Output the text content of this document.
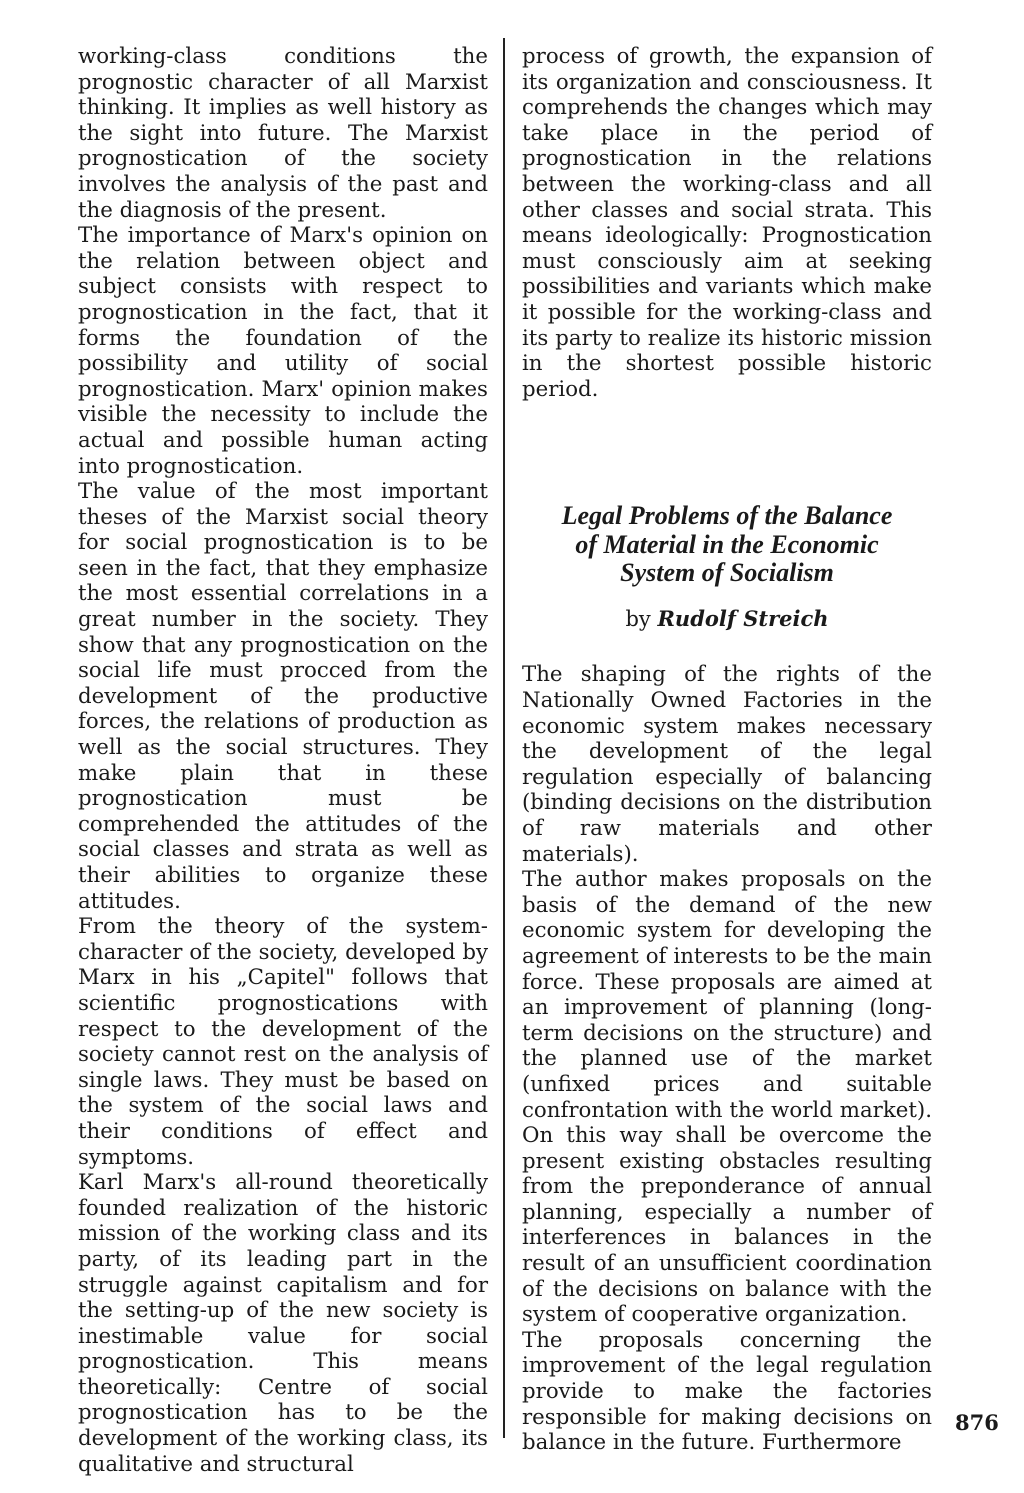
working-class conditions the prognostic character of all Marxist thinking. It implies as well history as the sight into future. The Marxist prognostication of the society involves the analysis of the past and the diagnosis of the present.

The importance of Marx's opinion on the relation between object and subject consists with respect to prognostication in the fact, that it forms the foundation of the possibility and utility of social prognostication. Marx' opinion makes visible the necessity to include the actual and possible human acting into prognostication.

The value of the most important theses of the Marxist social theory for social prognostication is to be seen in the fact, that they emphasize the most essential correlations in a great number in the society. They show that any prognostication on the social life must procced from the development of the productive forces, the relations of production as well as the social structures. They make plain that in these prognostication must be comprehended the attitudes of the social classes and strata as well as their abilities to organize these attitudes.

From the theory of the system-character of the society, developed by Marx in his „Capitel" follows that scientific prognostications with respect to the development of the society cannot rest on the analysis of single laws. They must be based on the system of the social laws and their conditions of effect and symptoms.

Karl Marx's all-round theoretically founded realization of the historic mission of the working class and its party, of its leading part in the struggle against capitalism and for the setting-up of the new society is inestimable value for social prognostication. This means theoretically: Centre of social prognostication has to be the development of the working class, its qualitative and structural

process of growth, the expansion of its organization and consciousness. It comprehends the changes which may take place in the period of prognostication in the relations between the working-class and all other classes and social strata. This means ideologically: Prognostication must consciously aim at seeking possibilities and variants which make it possible for the working-class and its party to realize its historic mission in the shortest possible historic period.

Legal Problems of the Balance
of Material in the Economic
System of Socialism
by Rudolf Streich

The shaping of the rights of the Nationally Owned Factories in the economic system makes necessary the development of the legal regulation especially of balancing (binding decisions on the distribution of raw materials and other materials).

The author makes proposals on the basis of the demand of the new economic system for developing the agreement of interests to be the main force. These proposals are aimed at an improvement of planning (long-term decisions on the structure) and the planned use of the market (unfixed prices and suitable confrontation with the world market). On this way shall be overcome the present existing obstacles resulting from the preponderance of annual planning, especially a number of interferences in balances in the result of an unsufficient coordination of the decisions on balance with the system of cooperative organization.

The proposals concerning the improvement of the legal regulation provide to make the factories responsible for making decisions on balance in the future. Furthermore

876
